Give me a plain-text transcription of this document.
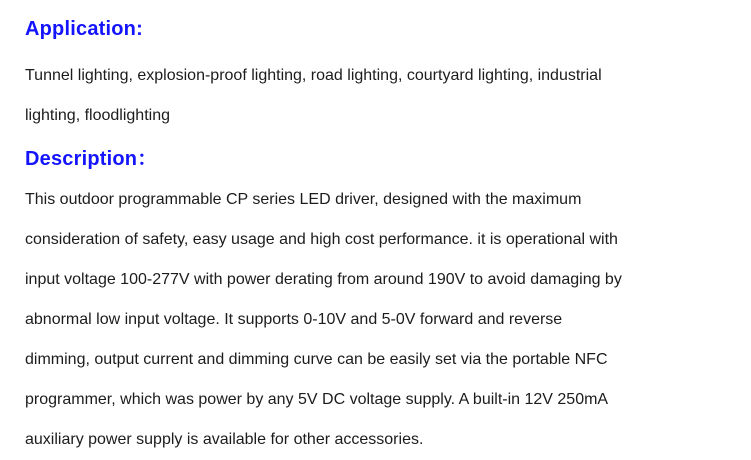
Application:

Tunnel lighting, explosion-proof lighting, road lighting, courtyard lighting, industrial

lighting, floodlighting

Description：

This outdoor programmable CP series LED driver, designed with the maximum

consideration of safety, easy usage and high cost performance. it is operational with

input voltage 100-277V with power derating from around 190V to avoid damaging by

abnormal low input voltage. It supports 0-10V and 5-0V forward and reverse

dimming, output current and dimming curve can be easily set via the portable NFC

programmer, which was power by any 5V DC voltage supply. A built-in 12V 250mA

auxiliary power supply is available for other accessories.
